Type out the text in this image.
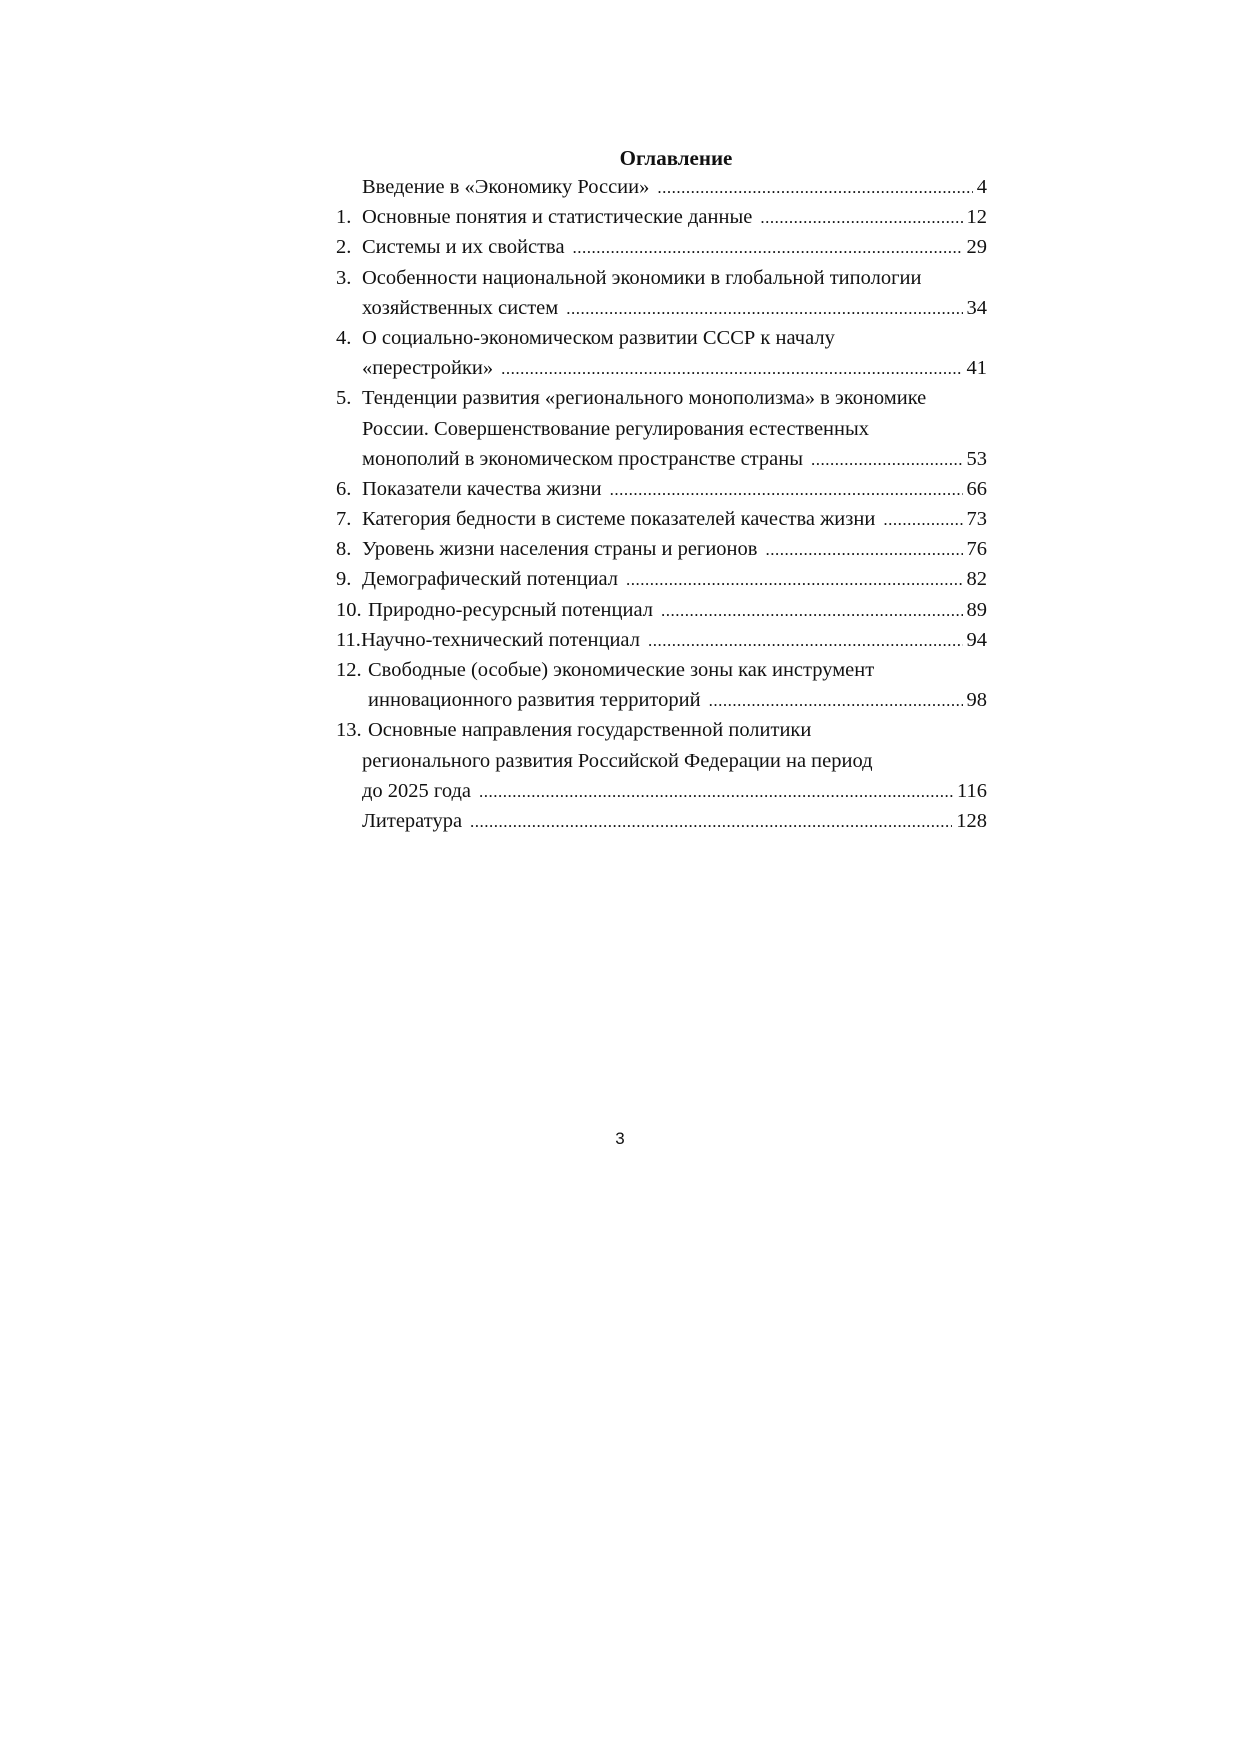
Оглавление
Введение в «Экономику России» .....	4
1. Основные понятия и статистические данные .....	12
2. Системы и их свойства .....	29
3. Особенности национальной экономики в глобальной типологии
хозяйственных систем .....	34
4. О социально-экономическом развитии СССР к началу
«перестройки» .....	41
5. Тенденции развития «регионального монополизма» в экономике
России. Совершенствование регулирования естественных
монополий в экономическом пространстве страны .....	53
6. Показатели качества жизни .....	66
7. Категория бедности в системе показателей качества жизни .....	73
8. Уровень жизни населения страны и регионов .....	76
9. Демографический потенциал .....	82
10. Природно-ресурсный потенциал .....	89
11. Научно-технический потенциал .....	94
12. Свободные (особые) экономические зоны как инструмент
инновационного развития территорий .....	98
13. Основные направления государственной политики
регионального развития Российской Федерации на период
до 2025 года .....	116
Литература .....	128
3
